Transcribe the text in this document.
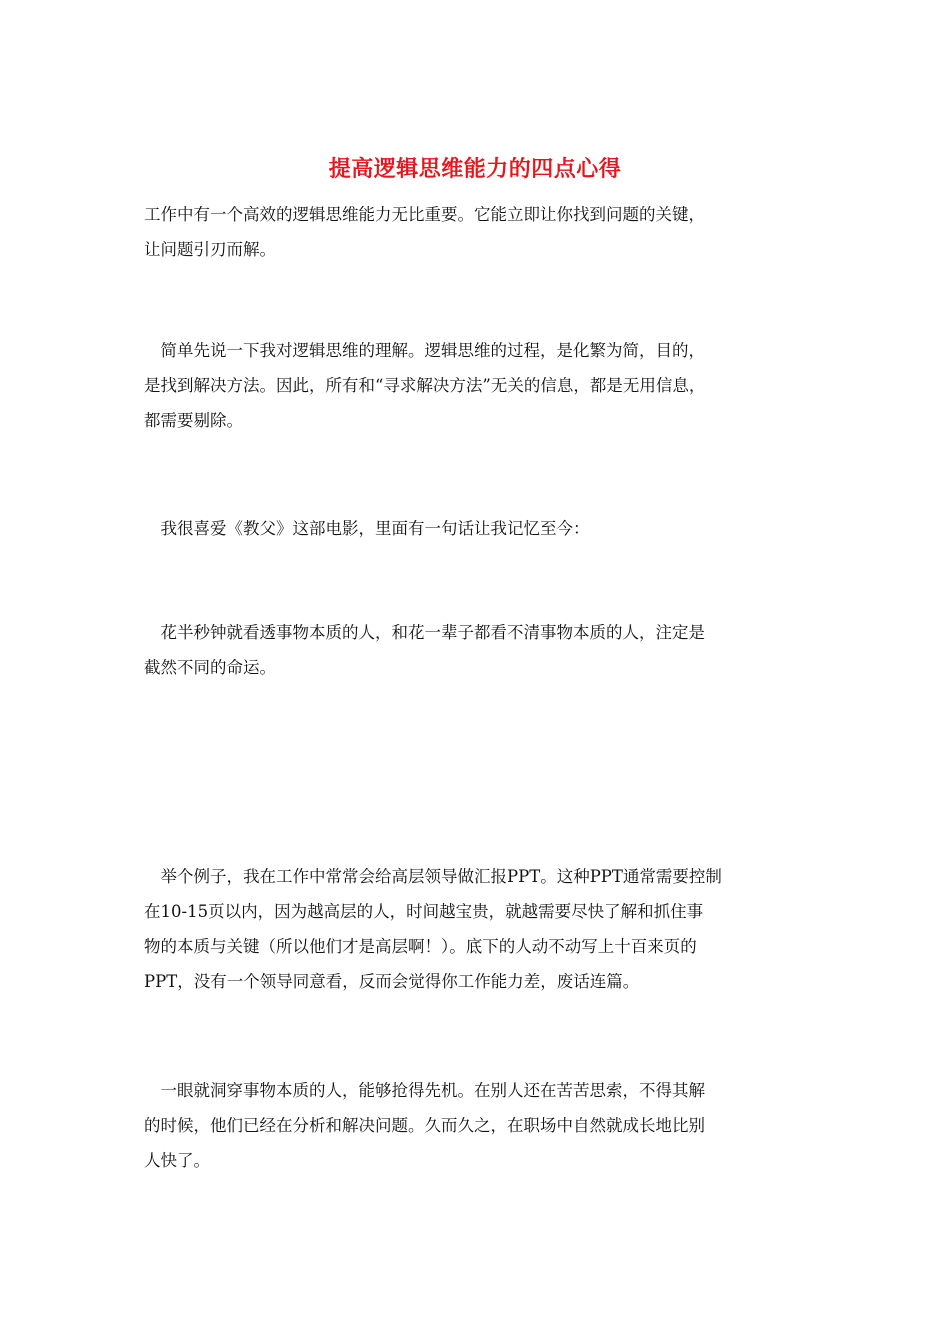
提高逻辑思维能力的四点心得

工作中有一个高效的逻辑思维能力无比重要。它能立即让你找到问题的关键，
让问题引刃而解。

　简单先说一下我对逻辑思维的理解。逻辑思维的过程，是化繁为简，目的，
是找到解决方法。因此，所有和“寻求解决方法”无关的信息，都是无用信息，
都需要剔除。

　我很喜爱《教父》这部电影，里面有一句话让我记忆至今：

　花半秒钟就看透事物本质的人，和花一辈子都看不清事物本质的人，注定是
截然不同的命运。

　举个例子，我在工作中常常会给高层领导做汇报PPT。这种PPT通常需要控制
在10-15页以内，因为越高层的人，时间越宝贵，就越需要尽快了解和抓住事
物的本质与关键（所以他们才是高层啊！）。底下的人动不动写上十百来页的
PPT，没有一个领导同意看，反而会觉得你工作能力差，废话连篇。

　一眼就洞穿事物本质的人，能够抢得先机。在别人还在苦苦思索，不得其解
的时候，他们已经在分析和解决问题。久而久之，在职场中自然就成长地比别
人快了。
